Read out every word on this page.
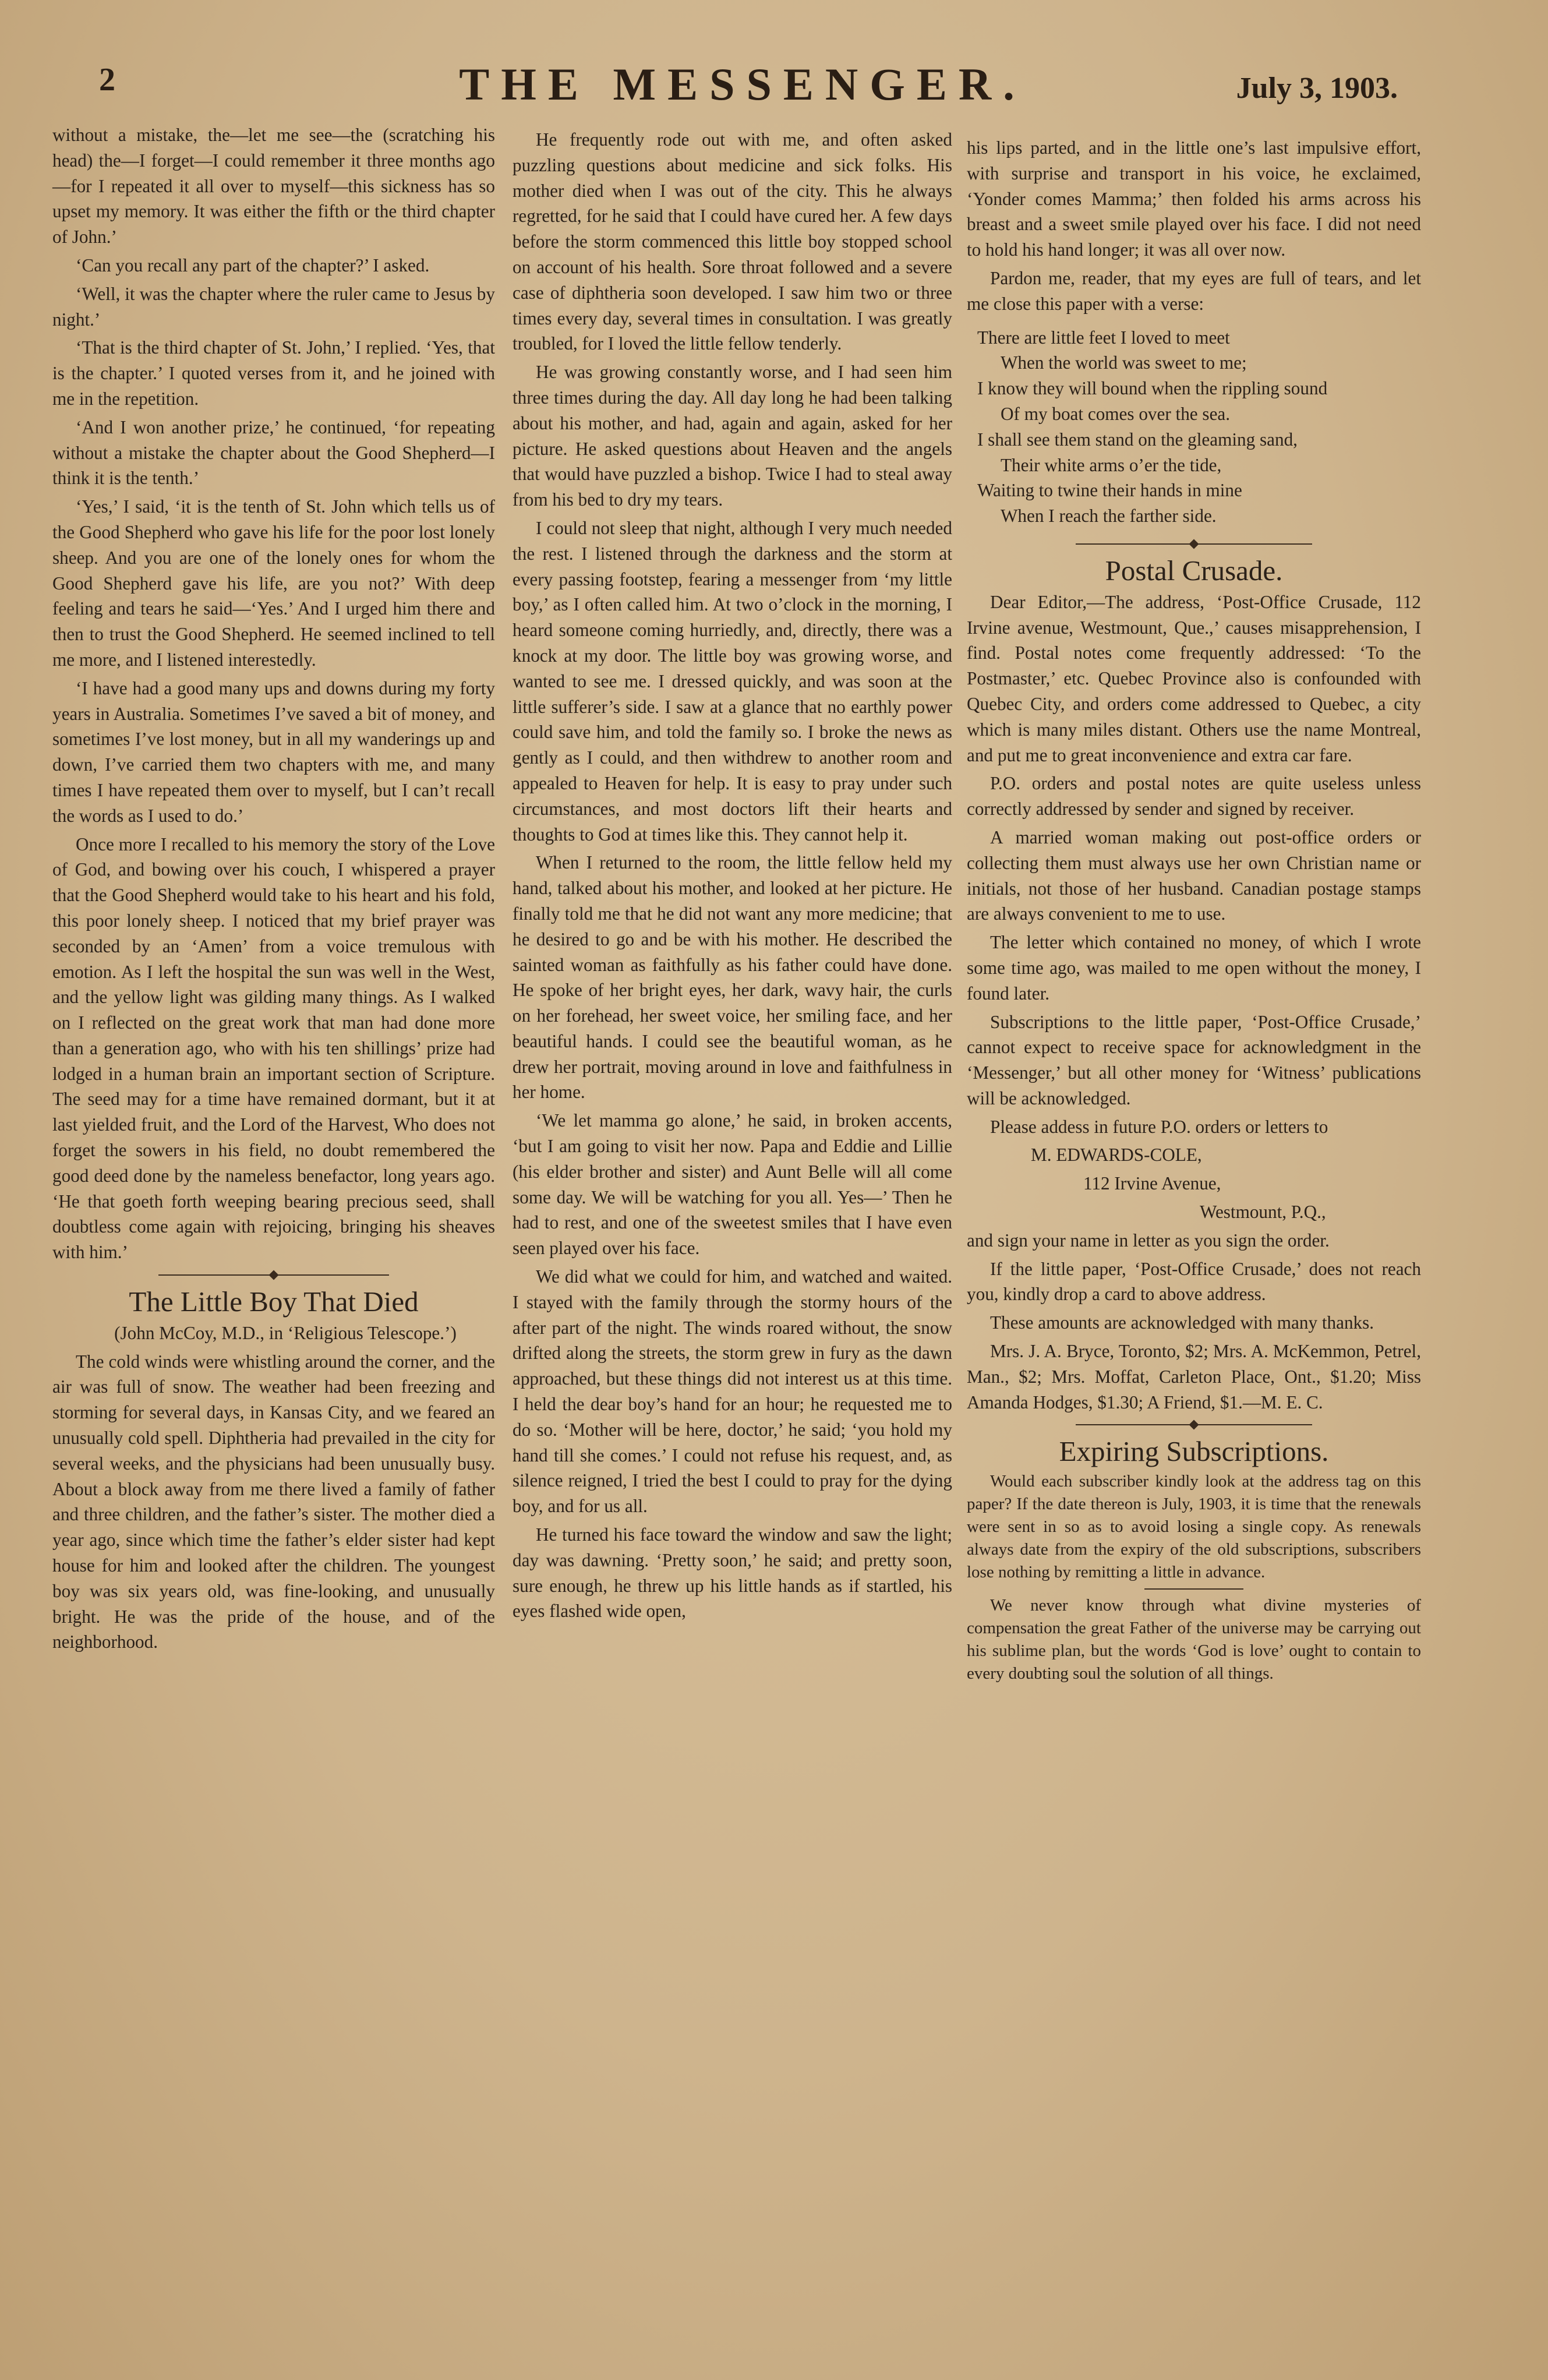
2	THE MESSENGER.	July 3, 1903.

without a mistake, the—let me see—the (scratching his head) the—I forget—I could remember it three months ago—for I repeated it all over to myself—this sickness has so upset my memory. It was either the fifth or the third chapter of John.’

‘Can you recall any part of the chapter?’ I asked.

‘Well, it was the chapter where the ruler came to Jesus by night.’

‘That is the third chapter of St. John,’ I replied. ‘Yes, that is the chapter.’ I quoted verses from it, and he joined with me in the repetition.

‘And I won another prize,’ he continued, ‘for repeating without a mistake the chapter about the Good Shepherd—I think it is the tenth.’

‘Yes,’ I said, ‘it is the tenth of St. John which tells us of the Good Shepherd who gave his life for the poor lost lonely sheep. And you are one of the lonely ones for whom the Good Shepherd gave his life, are you not?’ With deep feeling and tears he said—‘Yes.’ And I urged him there and then to trust the Good Shepherd. He seemed inclined to tell me more, and I listened interestedly.

‘I have had a good many ups and downs during my forty years in Australia. Sometimes I’ve saved a bit of money, and sometimes I’ve lost money, but in all my wanderings up and down, I’ve carried them two chapters with me, and many times I have repeated them over to myself, but I can’t recall the words as I used to do.’

Once more I recalled to his memory the story of the Love of God, and bowing over his couch, I whispered a prayer that the Good Shepherd would take to his heart and his fold, this poor lonely sheep. I noticed that my brief prayer was seconded by an ‘Amen’ from a voice tremulous with emotion. As I left the hospital the sun was well in the West, and the yellow light was gilding many things. As I walked on I reflected on the great work that man had done more than a generation ago, who with his ten shillings’ prize had lodged in a human brain an important section of Scripture. The seed may for a time have remained dormant, but it at last yielded fruit, and the Lord of the Harvest, Who does not forget the sowers in his field, no doubt remembered the good deed done by the nameless benefactor, long years ago. ‘He that goeth forth weeping bearing precious seed, shall doubtless come again with rejoicing, bringing his sheaves with him.’

The Little Boy That Died

(John McCoy, M.D., in ‘Religious Telescope.’)

The cold winds were whistling around the corner, and the air was full of snow. The weather had been freezing and storming for several days, in Kansas City, and we feared an unusually cold spell. Diphtheria had prevailed in the city for several weeks, and the physicians had been unusually busy. About a block away from me there lived a family of father and three children, and the father’s sister. The mother died a year ago, since which time the father’s elder sister had kept house for him and looked after the children. The youngest boy was six years old, was fine-looking, and unusually bright. He was the pride of the house, and of the neighborhood.

He frequently rode out with me, and often asked puzzling questions about medicine and sick folks. His mother died when I was out of the city. This he always regretted, for he said that I could have cured her. A few days before the storm commenced this little boy stopped school on account of his health. Sore throat followed and a severe case of diphtheria soon developed. I saw him two or three times every day, several times in consultation. I was greatly troubled, for I loved the little fellow tenderly.

He was growing constantly worse, and I had seen him three times during the day. All day long he had been talking about his mother, and had, again and again, asked for her picture. He asked questions about Heaven and the angels that would have puzzled a bishop. Twice I had to steal away from his bed to dry my tears.

I could not sleep that night, although I very much needed the rest. I listened through the darkness and the storm at every passing footstep, fearing a messenger from ‘my little boy,’ as I often called him. At two o’clock in the morning, I heard someone coming hurriedly, and, directly, there was a knock at my door. The little boy was growing worse, and wanted to see me. I dressed quickly, and was soon at the little sufferer’s side. I saw at a glance that no earthly power could save him, and told the family so. I broke the news as gently as I could, and then withdrew to another room and appealed to Heaven for help. It is easy to pray under such circumstances, and most doctors lift their hearts and thoughts to God at times like this. They cannot help it.

When I returned to the room, the little fellow held my hand, talked about his mother, and looked at her picture. He finally told me that he did not want any more medicine; that he desired to go and be with his mother. He described the sainted woman as faithfully as his father could have done. He spoke of her bright eyes, her dark, wavy hair, the curls on her forehead, her sweet voice, her smiling face, and her beautiful hands. I could see the beautiful woman, as he drew her portrait, moving around in love and faithfulness in her home.

‘We let mamma go alone,’ he said, in broken accents, ‘but I am going to visit her now. Papa and Eddie and Lillie (his elder brother and sister) and Aunt Belle will all come some day. We will be watching for you all. Yes—’ Then he had to rest, and one of the sweetest smiles that I have even seen played over his face.

We did what we could for him, and watched and waited. I stayed with the family through the stormy hours of the after part of the night. The winds roared without, the snow drifted along the streets, the storm grew in fury as the dawn approached, but these things did not interest us at this time. I held the dear boy’s hand for an hour; he requested me to do so. ‘Mother will be here, doctor,’ he said; ‘you hold my hand till she comes.’ I could not refuse his request, and, as silence reigned, I tried the best I could to pray for the dying boy, and for us all.

He turned his face toward the window and saw the light; day was dawning. ‘Pretty soon,’ he said; and pretty soon, sure enough, he threw up his little hands as if startled, his eyes flashed wide open,

his lips parted, and in the little one’s last impulsive effort, with surprise and transport in his voice, he exclaimed, ‘Yonder comes Mamma;’ then folded his arms across his breast and a sweet smile played over his face. I did not need to hold his hand longer; it was all over now.

Pardon me, reader, that my eyes are full of tears, and let me close this paper with a verse:

There are little feet I loved to meet

When the world was sweet to me;

I know they will bound when the rippling sound

Of my boat comes over the sea.

I shall see them stand on the gleaming sand,

Their white arms o’er the tide,

Waiting to twine their hands in mine

When I reach the farther side.

Postal Crusade.

Dear Editor,—The address, ‘Post-Office Crusade, 112 Irvine avenue, Westmount, Que.,’ causes misapprehension, I find. Postal notes come frequently addressed: ‘To the Postmaster,’ etc. Quebec Province also is confounded with Quebec City, and orders come addressed to Quebec, a city which is many miles distant. Others use the name Montreal, and put me to great inconvenience and extra car fare.

P.O. orders and postal notes are quite useless unless correctly addressed by sender and signed by receiver.

A married woman making out post-office orders or collecting them must always use her own Christian name or initials, not those of her husband. Canadian postage stamps are always convenient to me to use.

The letter which contained no money, of which I wrote some time ago, was mailed to me open without the money, I found later.

Subscriptions to the little paper, ‘Post-Office Crusade,’ cannot expect to receive space for acknowledgment in the ‘Messenger,’ but all other money for ‘Witness’ publications will be acknowledged.

Please addess in future P.O. orders or letters to

M. EDWARDS-COLE,

112 Irvine Avenue,

Westmount, P.Q.,

and sign your name in letter as you sign the order.

If the little paper, ‘Post-Office Crusade,’ does not reach you, kindly drop a card to above address.

These amounts are acknowledged with many thanks.

Mrs. J. A. Bryce, Toronto, $2; Mrs. A. McKemmon, Petrel, Man., $2; Mrs. Moffat, Carleton Place, Ont., $1.20; Miss Amanda Hodges, $1.30; A Friend, $1.—M. E. C.

Expiring Subscriptions.

Would each subscriber kindly look at the address tag on this paper? If the date thereon is July, 1903, it is time that the renewals were sent in so as to avoid losing a single copy. As renewals always date from the expiry of the old subscriptions, subscribers lose nothing by remitting a little in advance.

We never know through what divine mysteries of compensation the great Father of the universe may be carrying out his sublime plan, but the words ‘God is love’ ought to contain to every doubting soul the solution of all things.
